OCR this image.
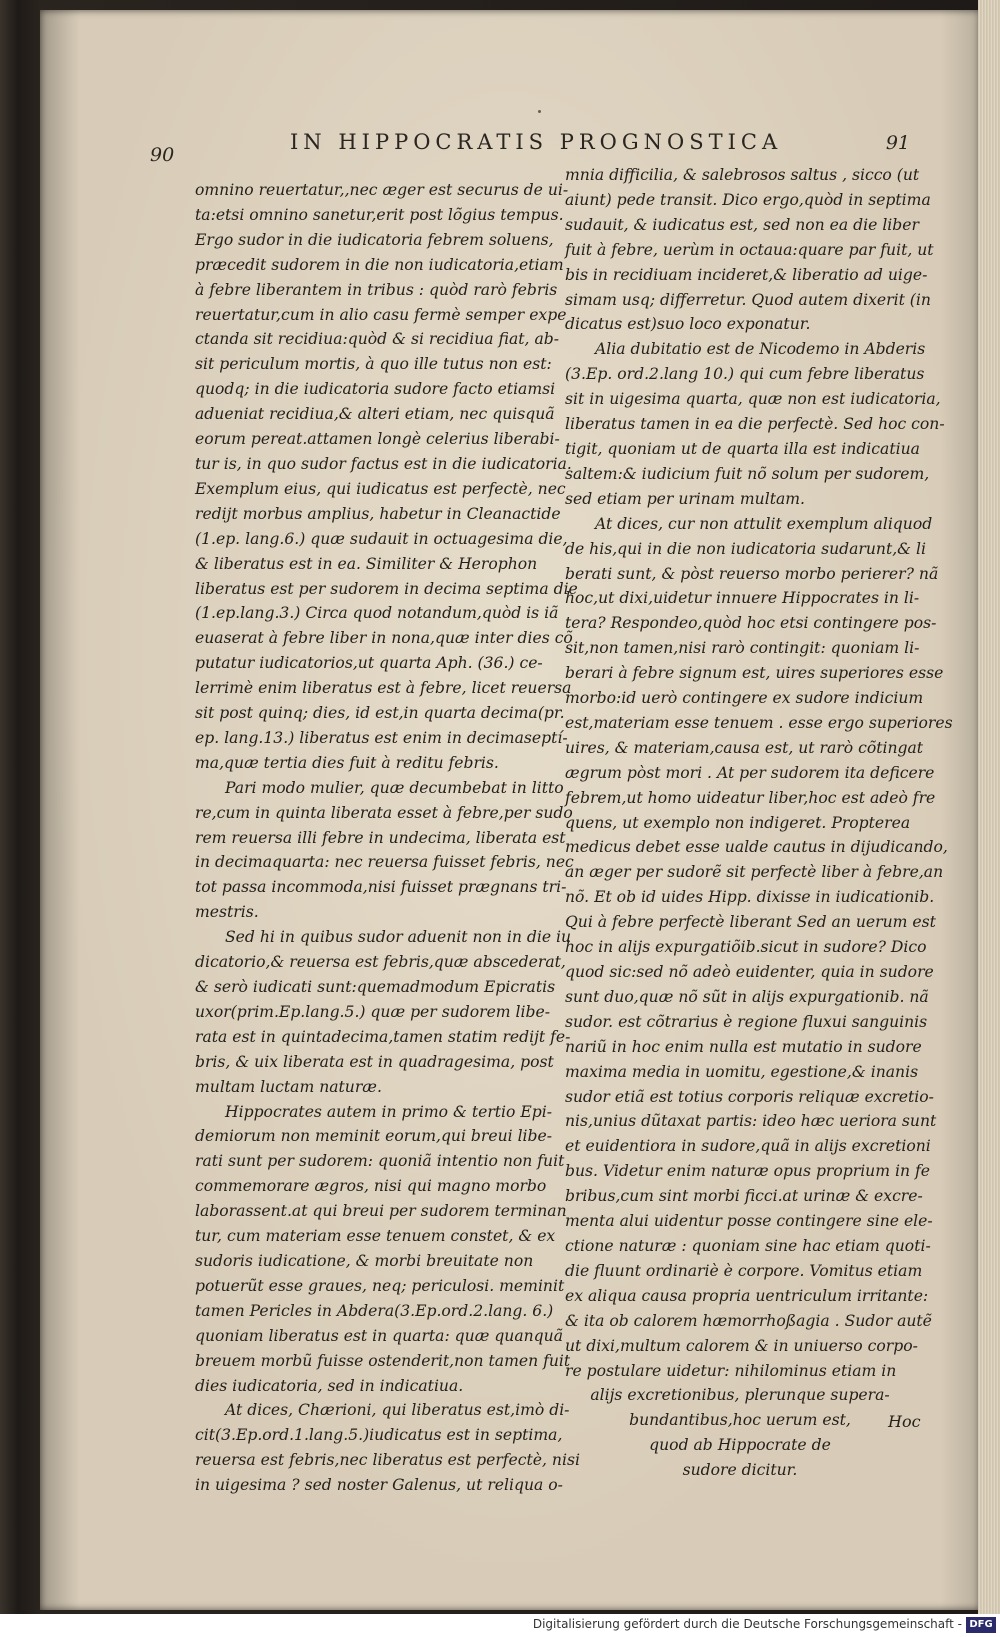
90
IN HIPPOCRATIS PROGNOSTICA	91
omnino reuertatur,,nec æger est securus de ui-
ta:etsi omnino sanetur,erit post lõgius tempus.
Ergo sudor in die iudicatoria febrem soluens,
præcedit sudorem in die non iudicatoria,etiam
à febre liberantem in tribus : quòd rarò febris
reuertatur,cum in alio casu fermè semper expe
ctanda sit recidiua:quòd & si recidiua fiat, ab-
sit periculum mortis, à quo ille tutus non est:
quodq; in die iudicatoria sudore facto etiamsi
adueniat recidiua,& alteri etiam, nec quisquã
eorum pereat.attamen longè celerius liberabi-
tur is, in quo sudor factus est in die iudicatoria.
Exemplum eius, qui iudicatus est perfectè, nec
redijt morbus amplius, habetur in Cleanactide
(1.ep. lang.6.) quæ sudauit in octuagesima die,
& liberatus est in ea. Similiter & Herophon
liberatus est per sudorem in decima septima die
(1.ep.lang.3.) Circa quod notandum,quòd is iã
euaserat à febre liber in nona,quæ inter dies cõ
putatur iudicatorios,ut quarta Aph. (36.) ce-
lerrimè enim liberatus est à febre, licet reuersa
sit post quinq; dies, id est,in quarta decima(pr.
ep. lang.13.) liberatus est enim in decimaseptí-
ma,quæ tertia dies fuit à reditu febris.
Pari modo mulier, quæ decumbebat in litto
re,cum in quinta liberata esset à febre,per sudo
rem reuersa illi febre in undecima, liberata est
in decimaquarta: nec reuersa fuisset febris, nec
tot passa incommoda,nisi fuisset prægnans tri-
mestris.
Sed hi in quibus sudor aduenit non in die iu
dicatorio,& reuersa est febris,quæ abscederat,
& serò iudicati sunt:quemadmodum Epicratis
uxor(prim.Ep.lang.5.) quæ per sudorem libe-
rata est in quintadecima,tamen statim redijt fe-
bris, & uix liberata est in quadragesima, post
multam luctam naturæ.
Hippocrates autem in primo & tertio Epi-
demiorum non meminit eorum,qui breui libe-
rati sunt per sudorem: quoniã intentio non fuit
commemorare ægros, nisi qui magno morbo
laborassent.at qui breui per sudorem terminan
tur, cum materiam esse tenuem constet, & ex
sudoris iudicatione, & morbi breuitate non
potuerũt esse graues, neq; periculosi. meminit
tamen Pericles in Abdera(3.Ep.ord.2.lang. 6.)
quoniam liberatus est in quarta: quæ quanquã
breuem morbũ fuisse ostenderit,non tamen fuit
dies iudicatoria, sed in indicatiua.
At dices, Chærioni, qui liberatus est,imò di-
cit(3.Ep.ord.1.lang.5.)iudicatus est in septima,
reuersa est febris,nec liberatus est perfectè, nisi
in uigesima ? sed noster Galenus, ut reliqua o-
mnia difficilia, & salebrosos saltus , sicco (ut
aiunt) pede transit. Dico ergo,quòd in septima
sudauit, & iudicatus est, sed non ea die liber
fuit à febre, uerùm in octaua:quare par fuit, ut
bis in recidiuam incideret,& liberatio ad uige-
simam usq; differretur. Quod autem dixerit (in
dicatus est)suo loco exponatur.
Alia dubitatio est de Nicodemo in Abderis
(3.Ep. ord.2.lang 10.) qui cum febre liberatus
sit in uigesima quarta, quæ non est iudicatoria,
liberatus tamen in ea die perfectè. Sed hoc con-
tigit, quoniam ut de quarta illa est indicatiua
saltem:& iudicium fuit nõ solum per sudorem,
sed etiam per urinam multam.
At dices, cur non attulit exemplum aliquod
de his,qui in die non iudicatoria sudarunt,& li
berati sunt, & pòst reuerso morbo perierer? nã
hoc,ut dixi,uidetur innuere Hippocrates in li-
tera? Respondeo,quòd hoc etsi contingere pos-
sit,non tamen,nisi rarò contingit: quoniam li-
berari à febre signum est, uires superiores esse
morbo:id uerò contingere ex sudore indicium
est,materiam esse tenuem . esse ergo superiores
uires, & materiam,causa est, ut rarò cõtingat
ægrum pòst mori . At per sudorem ita deficere
febrem,ut homo uideatur liber,hoc est adeò fre
quens, ut exemplo non indigeret. Propterea
medicus debet esse ualde cautus in dijudicando,
an æger per sudorẽ sit perfectè liber à febre,an
nõ. Et ob id uides Hipp. dixisse in iudicationib.
Qui à febre perfectè liberant Sed an uerum est
hoc in alijs expurgatiõib.sicut in sudore? Dico
quod sic:sed nõ adeò euidenter, quia in sudore
sunt duo,quæ nõ sũt in alijs expurgationib. nã
sudor. est cõtrarius è regione fluxui sanguinis
nariũ in hoc enim nulla est mutatio in sudore
maxima media in uomitu, egestione,& inanis
sudor etiã est totius corporis reliquæ excretio-
nis,unius dũtaxat partis: ideo hæc ueriora sunt
et euidentiora in sudore,quã in alijs excretioni
bus. Videtur enim naturæ opus proprium in fe
bribus,cum sint morbi ficci.at urinæ & excre-
menta alui uidentur posse contingere sine ele-
ctione naturæ : quoniam sine hac etiam quoti-
die fluunt ordinariè è corpore. Vomitus etiam
ex aliqua causa propria uentriculum irritante:
& ita ob calorem hæmorrhoßagia . Sudor autẽ
ut dixi,multum calorem & in uniuerso corpo-
re postulare uidetur: nihilominus etiam in
alijs excretionibus, plerunque supera-
bundantibus,hoc uerum est,
quod ab Hippocrate de
sudore dicitur.
Hoc
Digitalisierung gefördert durch die Deutsche Forschungsgemeinschaft - DFG
